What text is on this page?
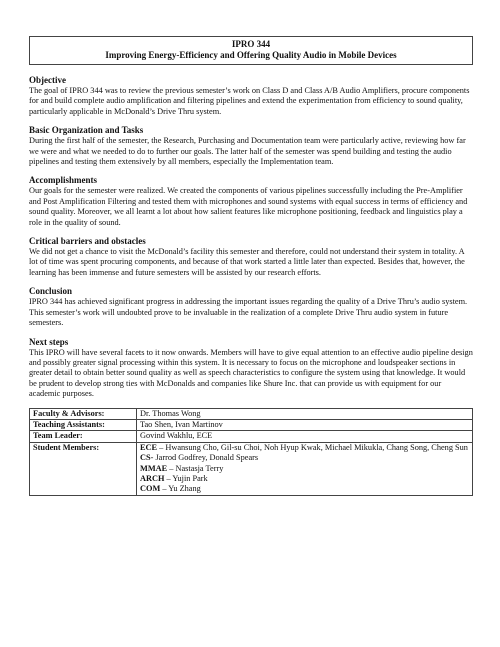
IPRO 344
Improving Energy-Efficiency and Offering Quality Audio in Mobile Devices
Objective

The goal of IPRO 344 was to review the previous semester’s work on Class D and Class A/B Audio Amplifiers, procure components for and build complete audio amplification and filtering pipelines and extend the experimentation from efficiency to sound quality, particularly applicable in McDonald’s Drive Thru system.

Basic Organization and Tasks

During the first half of the semester, the Research, Purchasing and Documentation team were particularly active, reviewing how far we were and what we needed to do to further our goals. The latter half of the semester was spend building and testing the audio pipelines and testing them extensively by all members, especially the Implementation team.

Accomplishments

Our goals for the semester were realized. We created the components of various pipelines successfully including the Pre-Amplifier and Post Amplification Filtering and tested them with microphones and sound systems with equal success in terms of efficiency and sound quality. Moreover, we all learnt a lot about how salient features like microphone positioning, feedback and linguistics play a role in the quality of sound.

Critical barriers and obstacles

We did not get a chance to visit the McDonald’s facility this semester and therefore, could not understand their system in totality. A lot of time was spent procuring components, and because of that work started a little later than expected. Besides that, however, the learning has been immense and future semesters will be assisted by our research efforts.

Conclusion

IPRO 344 has achieved significant progress in addressing the important issues regarding the quality of a Drive Thru’s audio system. This semester’s work will undoubted prove to be invaluable in the realization of a complete Drive Thru audio system in future semesters.

Next steps

This IPRO will have several facets to it now onwards. Members will have to give equal attention to an effective audio pipeline design and possibly greater signal processing within this system. It is necessary to focus on the microphone and loudspeaker sections in greater detail to obtain better sound quality as well as speech characteristics to configure the system using that knowledge. It would be prudent to develop strong ties with McDonalds and companies like Shure Inc. that can provide us with equipment for our academic purposes.

Faculty & Advisors:	Dr. Thomas Wong
Teaching Assistants:	Tao Shen, Ivan Martinov
Team Leader:	Govind Wakhlu, ECE
Student Members:	ECE – Hwansung Cho, Gil-su Choi, Noh Hyup Kwak, Michael Mikukla, Chang Song, Cheng Sun CS- Jarrod Godfrey, Donald Spears
MMAE – Nastasja Terry
ARCH – Yujin Park
COM – Yu Zhang
